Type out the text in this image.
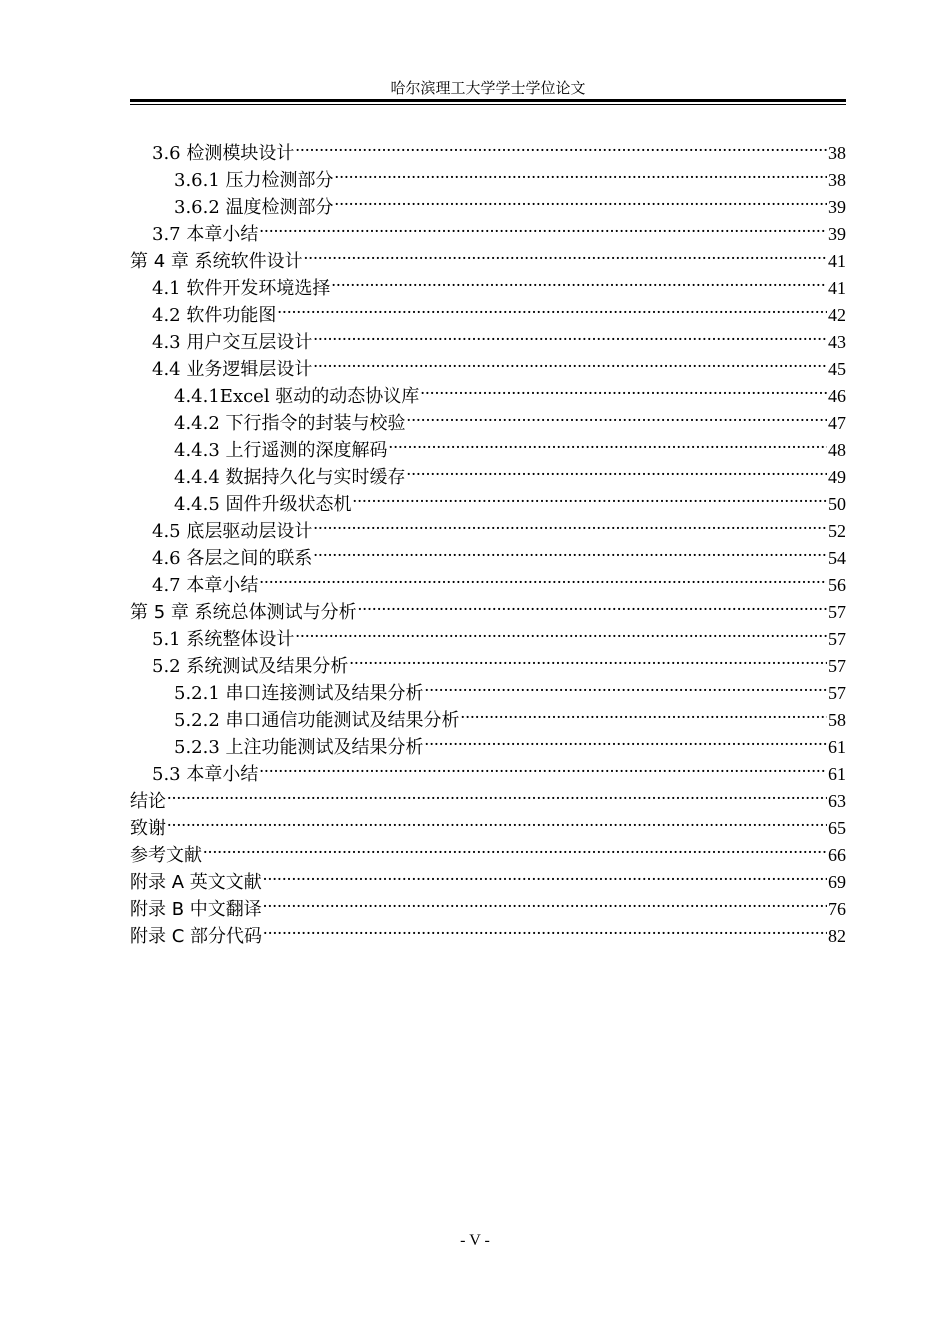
哈尔滨理工大学学士学位论文
3.6 检测模块设计 .....	38
3.6.1 压力检测部分 .....	38
3.6.2 温度检测部分 .....	39
3.7 本章小结 .....	39
第 4 章 系统软件设计 .....	41
4.1 软件开发环境选择 .....	41
4.2 软件功能图 .....	42
4.3 用户交互层设计 .....	43
4.4 业务逻辑层设计 .....	45
4.4.1Excel 驱动的动态协议库 .....	46
4.4.2 下行指令的封装与校验 .....	47
4.4.3 上行遥测的深度解码 .....	48
4.4.4 数据持久化与实时缓存 .....	49
4.4.5 固件升级状态机 .....	50
4.5 底层驱动层设计 .....	52
4.6 各层之间的联系 .....	54
4.7 本章小结 .....	56
第 5 章 系统总体测试与分析 .....	57
5.1 系统整体设计 .....	57
5.2 系统测试及结果分析 .....	57
5.2.1 串口连接测试及结果分析 .....	57
5.2.2 串口通信功能测试及结果分析 .....	58
5.2.3 上注功能测试及结果分析 .....	61
5.3 本章小结 .....	61
结论 .....	63
致谢 .....	65
参考文献 .....	66
附录 A 英文文献 .....	69
附录 B 中文翻译 .....	76
附录 C 部分代码 .....	82
- V -
